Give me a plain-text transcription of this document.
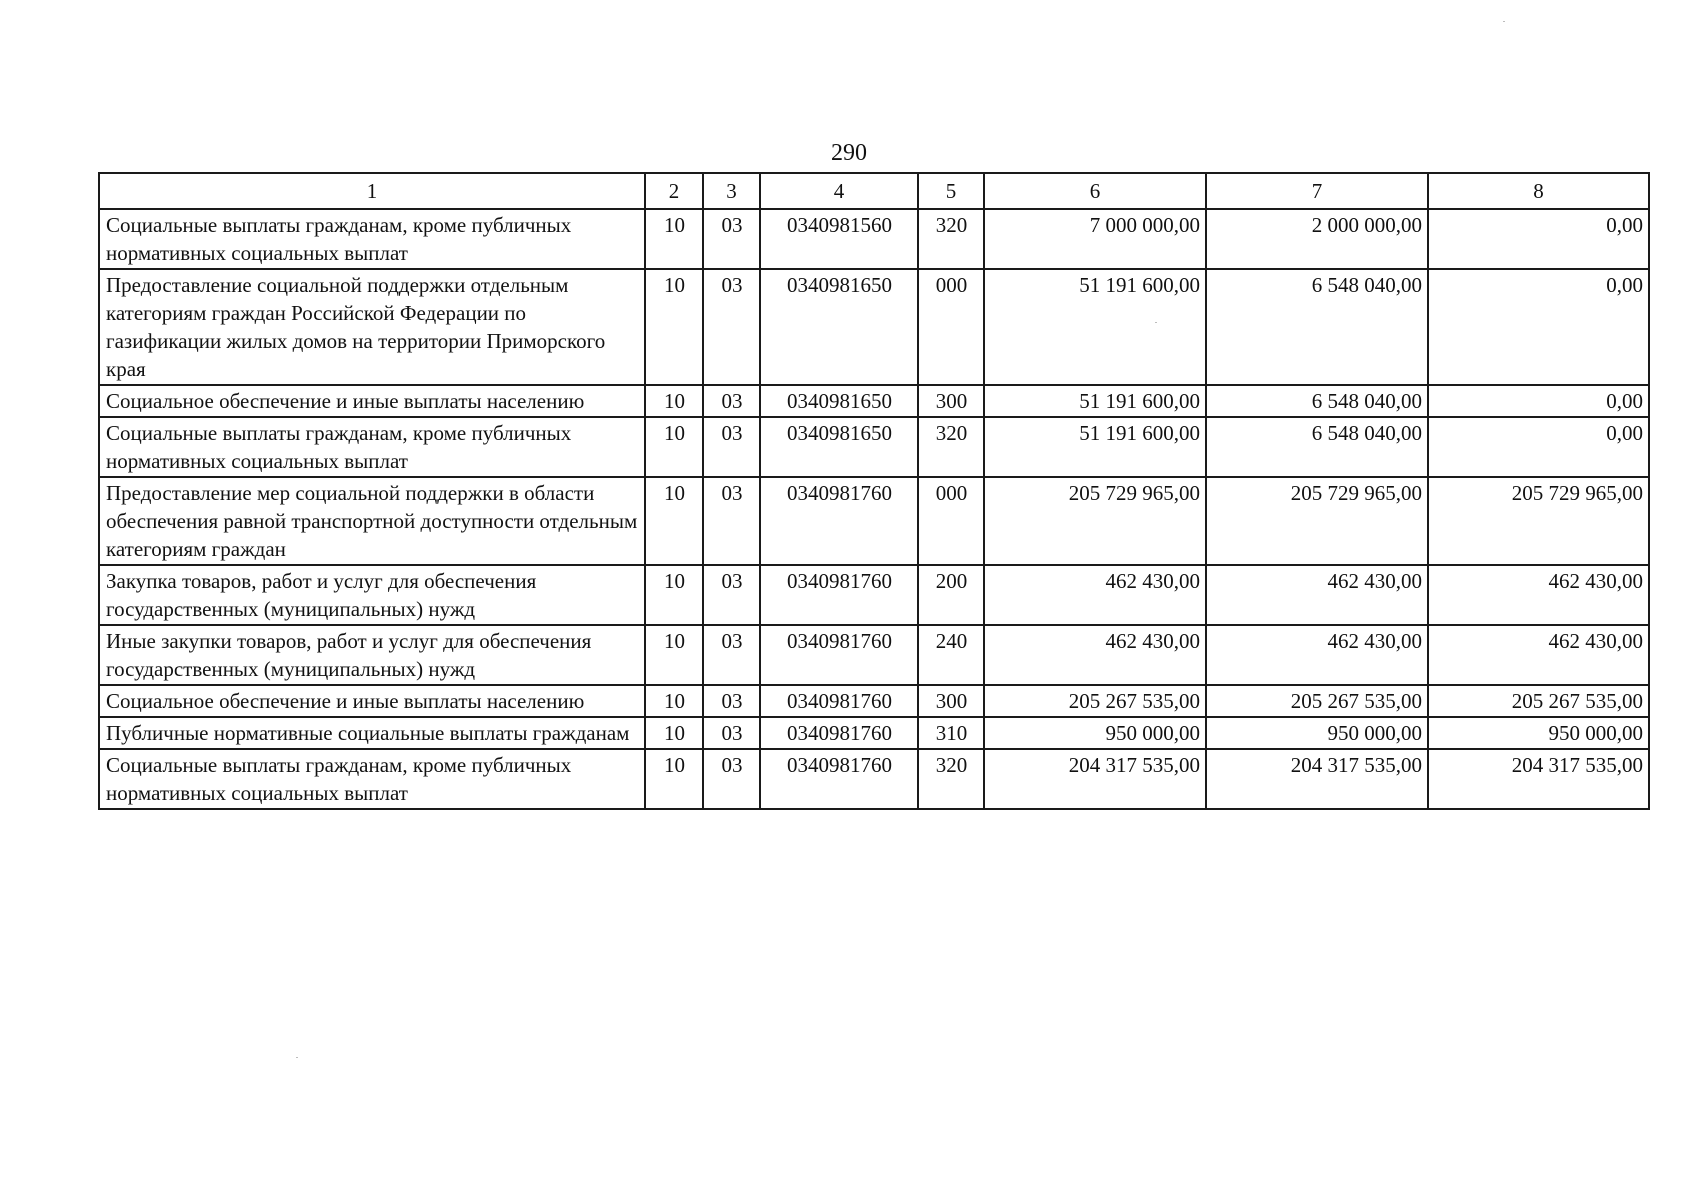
290
1	2	3	4	5	6	7	8
Социальные выплаты гражданам, кроме публичных нормативных социальных выплат	10	03	0340981560	320	7 000 000,00	2 000 000,00	0,00
Предоставление социальной поддержки отдельным категориям граждан Российской Федерации по газификации жилых домов на территории Приморского края	10	03	0340981650	000	51 191 600,00	6 548 040,00	0,00
Социальное обеспечение и иные выплаты населению	10	03	0340981650	300	51 191 600,00	6 548 040,00	0,00
Социальные выплаты гражданам, кроме публичных нормативных социальных выплат	10	03	0340981650	320	51 191 600,00	6 548 040,00	0,00
Предоставление мер социальной поддержки в области обеспечения равной транспортной доступности отдельным категориям граждан	10	03	0340981760	000	205 729 965,00	205 729 965,00	205 729 965,00
Закупка товаров, работ и услуг для обеспечения государственных (муниципальных) нужд	10	03	0340981760	200	462 430,00	462 430,00	462 430,00
Иные закупки товаров, работ и услуг для обеспечения государственных (муниципальных) нужд	10	03	0340981760	240	462 430,00	462 430,00	462 430,00
Социальное обеспечение и иные выплаты населению	10	03	0340981760	300	205 267 535,00	205 267 535,00	205 267 535,00
Публичные нормативные социальные выплаты гражданам	10	03	0340981760	310	950 000,00	950 000,00	950 000,00
Социальные выплаты гражданам, кроме публичных нормативных социальных выплат	10	03	0340981760	320	204 317 535,00	204 317 535,00	204 317 535,00
